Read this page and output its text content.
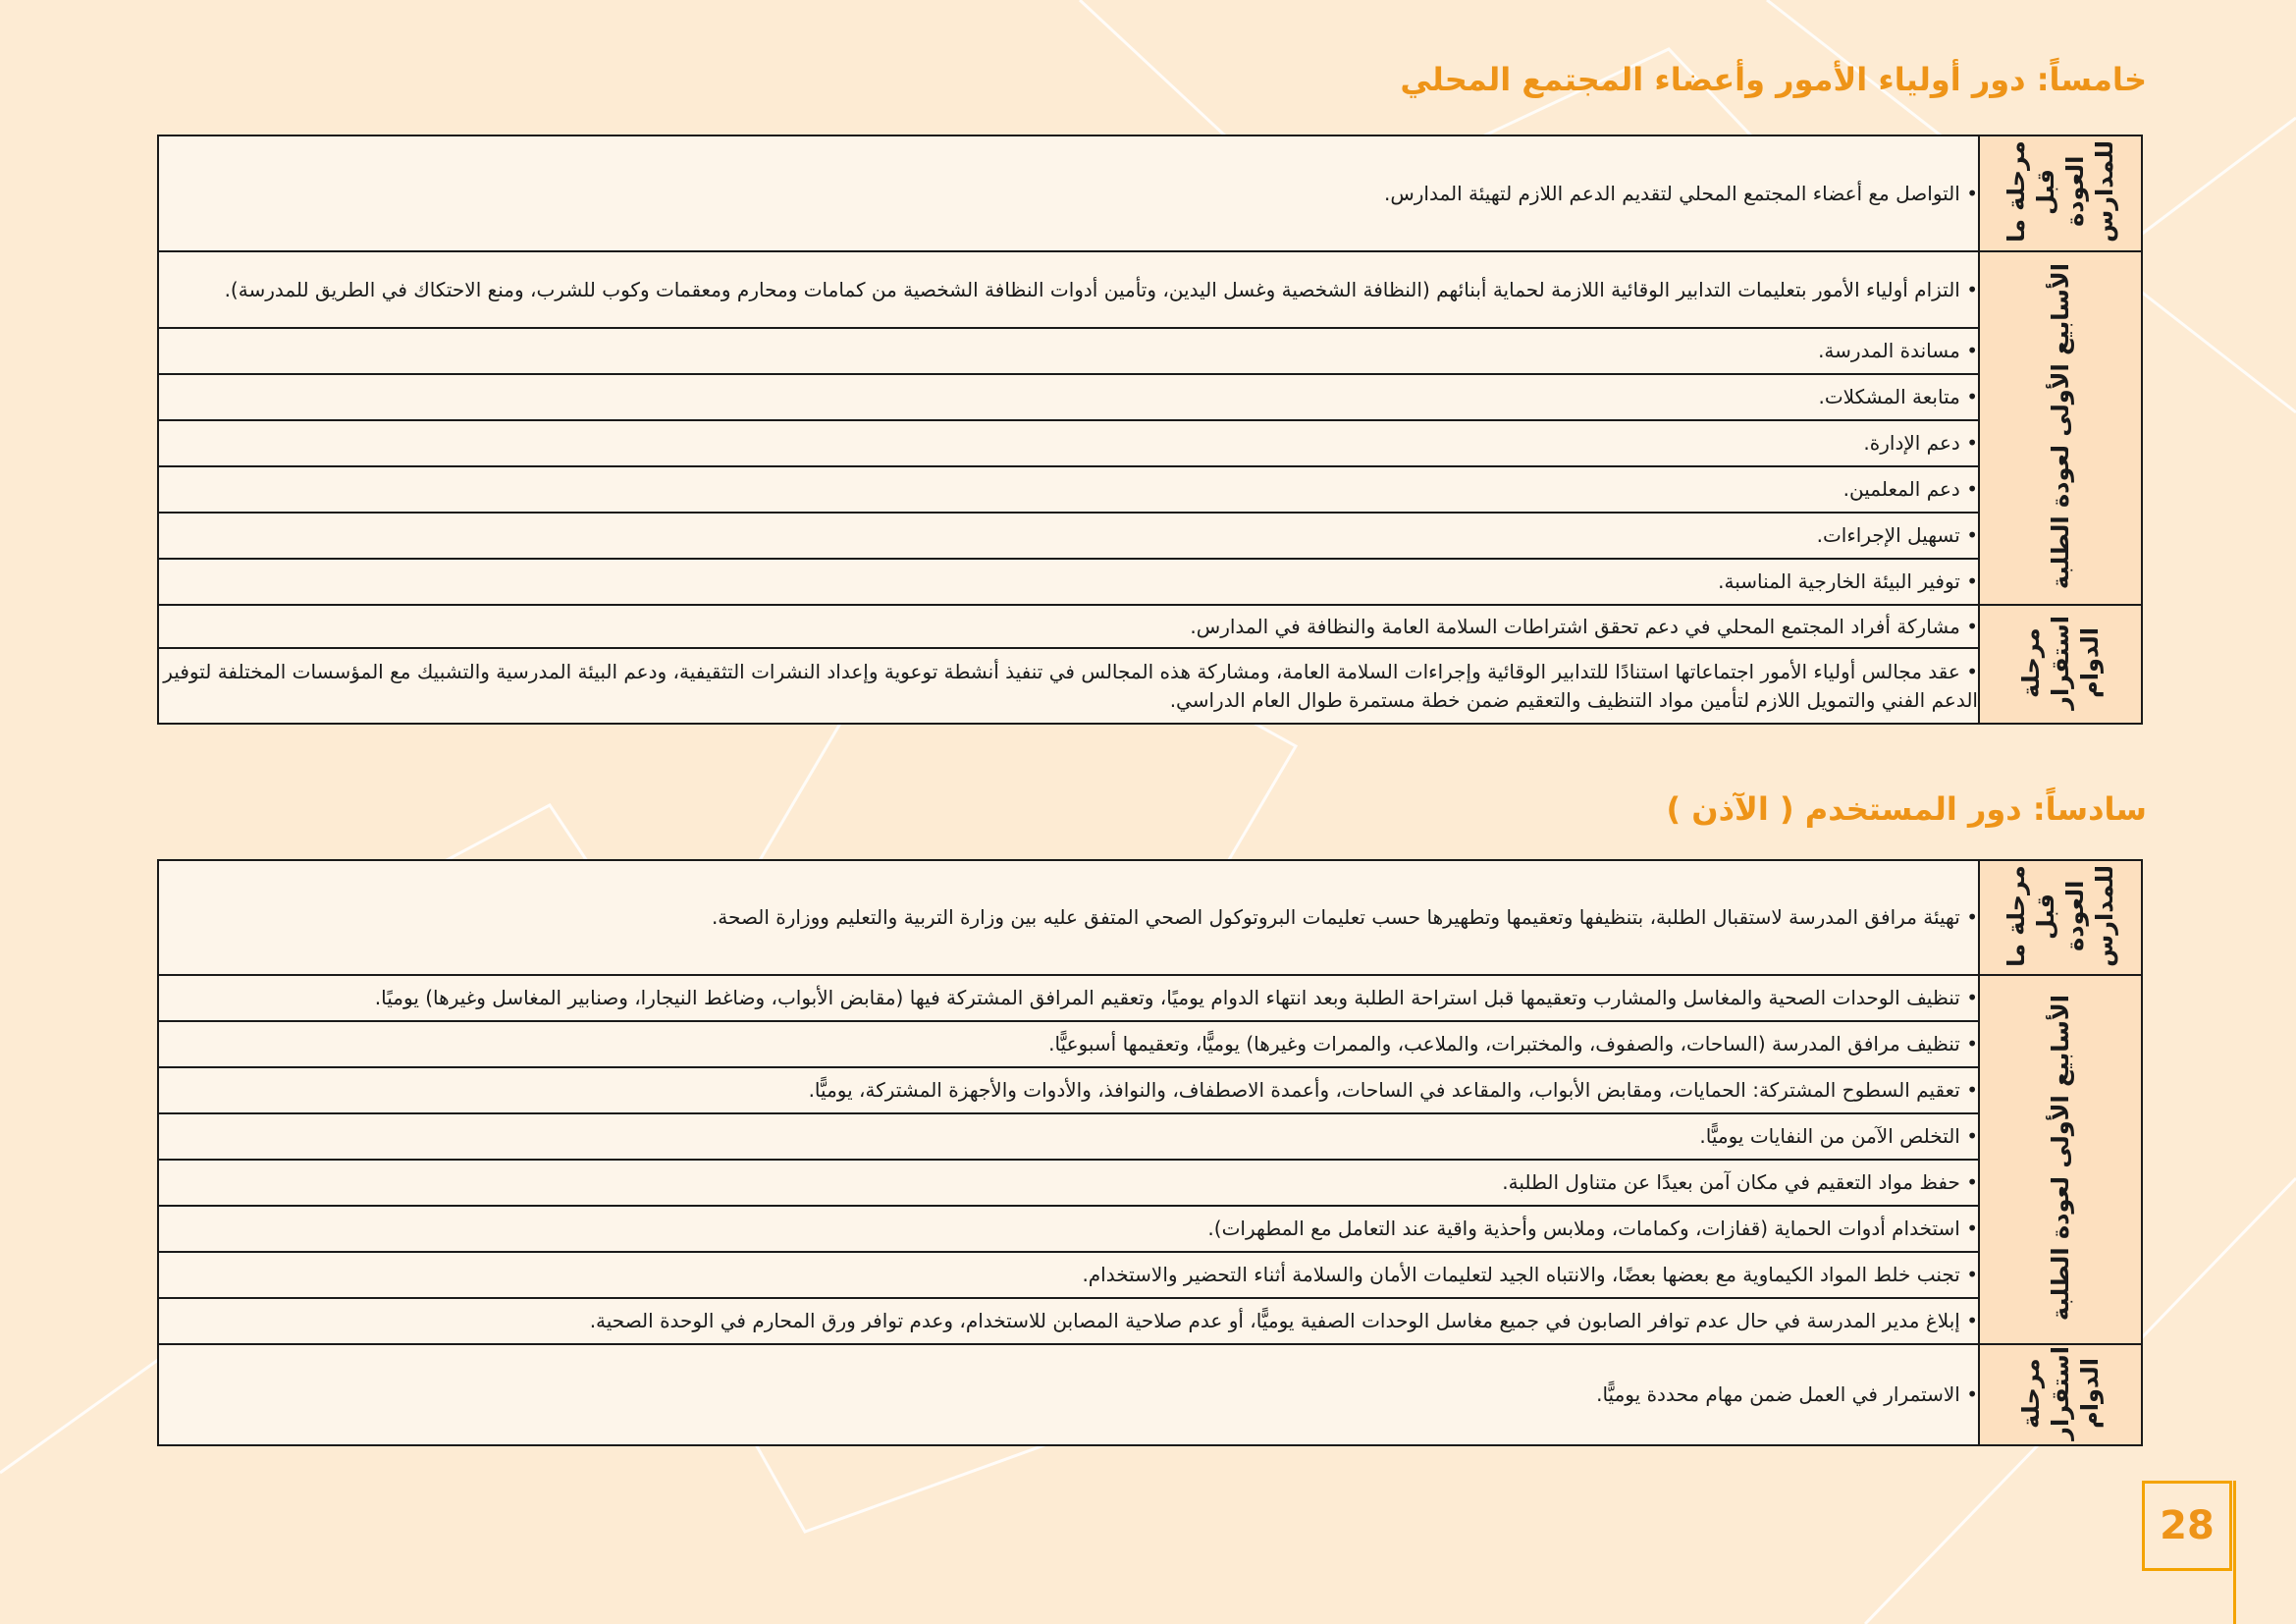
خامساً: دور أولياء الأمور وأعضاء المجتمع المحلي
مرحلة ما
قبل
العودة
للمدارس	• التواصل مع أعضاء المجتمع المحلي لتقديم الدعم اللازم لتهيئة المدارس.

الأسابيع الأولى لعودة الطلبة	• التزام أولياء الأمور بتعليمات التدابير الوقائية اللازمة لحماية أبنائهم (النظافة الشخصية وغسل اليدين، وتأمين أدوات النظافة الشخصية من كمامات ومحارم ومعقمات وكوب للشرب، ومنع الاحتكاك في الطريق للمدرسة).

	• مساندة المدرسة.

	• متابعة المشكلات.

	• دعم الإدارة.

	• دعم المعلمين.

	• تسهيل الإجراءات.

	• توفير البيئة الخارجية المناسبة.

مرحلة
استقرار
الدوام	• مشاركة أفراد المجتمع المحلي في دعم تحقق اشتراطات السلامة العامة والنظافة في المدارس.

	• عقد مجالس أولياء الأمور اجتماعاتها استنادًا للتدابير الوقائية وإجراءات السلامة العامة، ومشاركة هذه المجالس في تنفيذ أنشطة توعوية وإعداد النشرات التثقيفية، ودعم البيئة المدرسية والتشبيك مع المؤسسات المختلفة لتوفير الدعم الفني والتمويل اللازم لتأمين مواد التنظيف والتعقيم ضمن خطة مستمرة طوال العام الدراسي.
سادساً: دور المستخدم ( الآذن )
مرحلة ما
قبل
العودة
للمدارس	• تهيئة مرافق المدرسة لاستقبال الطلبة، بتنظيفها وتعقيمها وتطهيرها حسب تعليمات البروتوكول الصحي المتفق عليه بين وزارة التربية والتعليم ووزارة الصحة.

الأسابيع الأولى لعودة الطلبة	• تنظيف الوحدات الصحية والمغاسل والمشارب وتعقيمها قبل استراحة الطلبة وبعد انتهاء الدوام يوميًا، وتعقيم المرافق المشتركة فيها (مقابض الأبواب، وضاغط النيجارا، وصنابير المغاسل وغيرها) يوميًا.

	• تنظيف مرافق المدرسة (الساحات، والصفوف، والمختبرات، والملاعب، والممرات وغيرها) يوميًّا، وتعقيمها أسبوعيًّا.

	• تعقيم السطوح المشتركة: الحمايات، ومقابض الأبواب، والمقاعد في الساحات، وأعمدة الاصطفاف، والنوافذ، والأدوات والأجهزة المشتركة، يوميًّا.

	• التخلص الآمن من النفايات يوميًّا.

	• حفظ مواد التعقيم في مكان آمن بعيدًا عن متناول الطلبة.

	• استخدام أدوات الحماية (قفازات، وكمامات، وملابس وأحذية واقية عند التعامل مع المطهرات).

	• تجنب خلط المواد الكيماوية مع بعضها بعضًا، والانتباه الجيد لتعليمات الأمان والسلامة أثناء التحضير والاستخدام.

	• إبلاغ مدير المدرسة في حال عدم توافر الصابون في جميع مغاسل الوحدات الصفية يوميًّا، أو عدم صلاحية المصابن للاستخدام، وعدم توافر ورق المحارم في الوحدة الصحية.

مرحلة
استقرار
الدوام	• الاستمرار في العمل ضمن مهام محددة يوميًّا.
28
